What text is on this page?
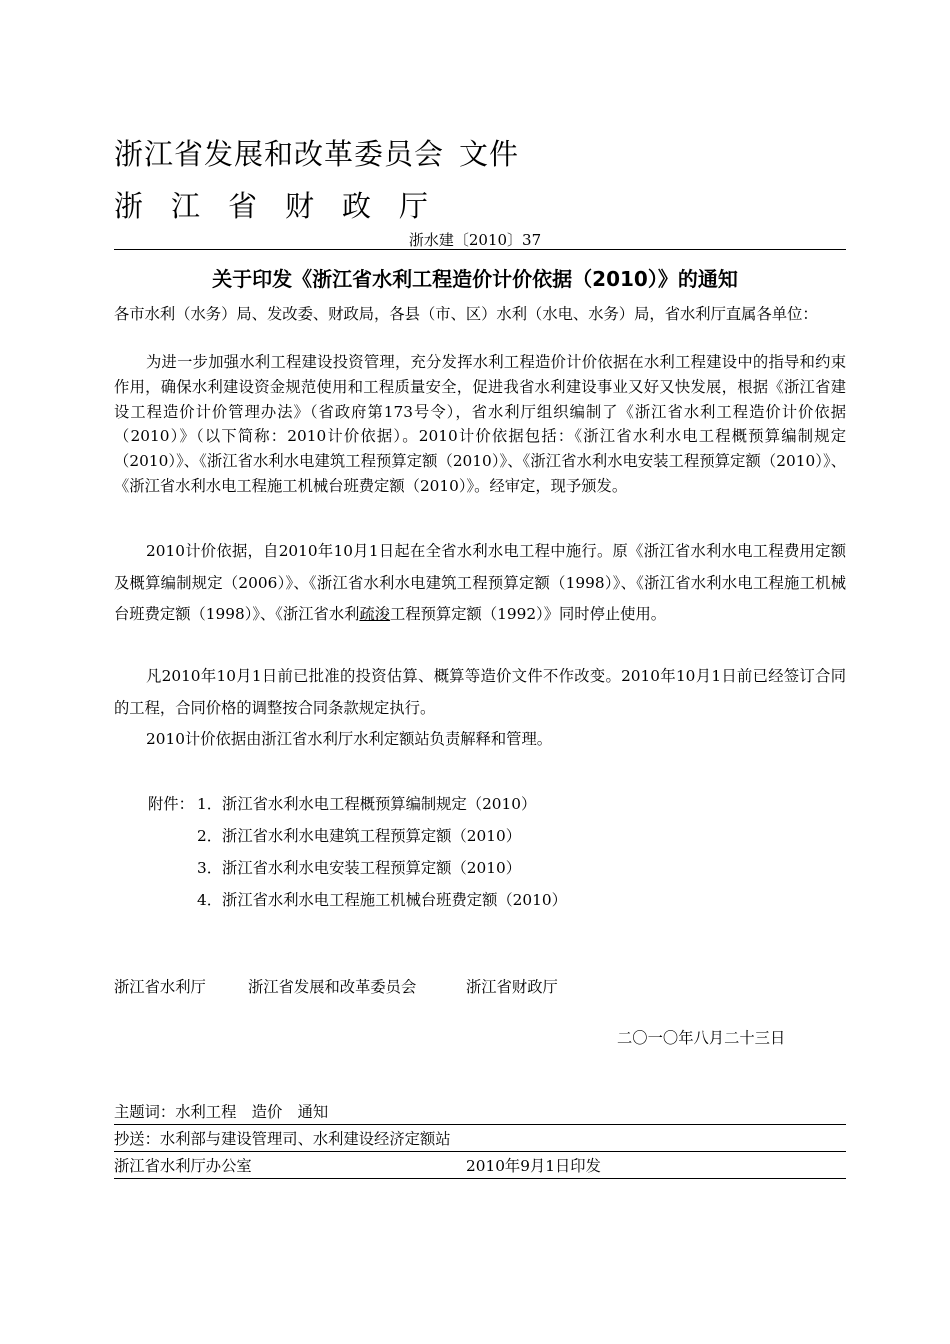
浙江省发展和改革委员会 文件
浙江省财政厅
浙水建〔2010〕37
关于印发《浙江省水利工程造价计价依据（2010）》的通知
各市水利（水务）局、发改委、财政局，各县（市、区）水利（水电、水务）局，省水利厅直属各单位：
为进一步加强水利工程建设投资管理，充分发挥水利工程造价计价依据在水利工程建设中的指导和约束作用，确保水利建设资金规范使用和工程质量安全，促进我省水利建设事业又好又快发展，根据《浙江省建设工程造价计价管理办法》（省政府第173号令），省水利厅组织编制了《浙江省水利工程造价计价依据（2010）》（以下简称：2010计价依据）。2010计价依据包括：《浙江省水利水电工程概预算编制规定（2010）》、《浙江省水利水电建筑工程预算定额（2010）》、《浙江省水利水电安装工程预算定额（2010）》、《浙江省水利水电工程施工机械台班费定额（2010）》。经审定，现予颁发。
2010计价依据，自2010年10月1日起在全省水利水电工程中施行。原《浙江省水利水电工程费用定额及概算编制规定（2006）》、《浙江省水利水电建筑工程预算定额（1998）》、《浙江省水利水电工程施工机械台班费定额（1998）》、《浙江省水利疏浚工程预算定额（1992）》同时停止使用。
凡2010年10月1日前已批准的投资估算、概算等造价文件不作改变。2010年10月1日前已经签订合同的工程，合同价格的调整按合同条款规定执行。
2010计价依据由浙江省水利厅水利定额站负责解释和管理。
附件： 1．浙江省水利水电工程概预算编制规定（2010）
2．浙江省水利水电建筑工程预算定额（2010）
3．浙江省水利水电安装工程预算定额（2010）
4．浙江省水利水电工程施工机械台班费定额（2010）
浙江省水利厅	浙江省发展和改革委员会	浙江省财政厅
二〇一〇年八月二十三日
主题词：水利工程　造价　通知
抄送：水利部与建设管理司、水利建设经济定额站
浙江省水利厅办公室	2010年9月1日印发
